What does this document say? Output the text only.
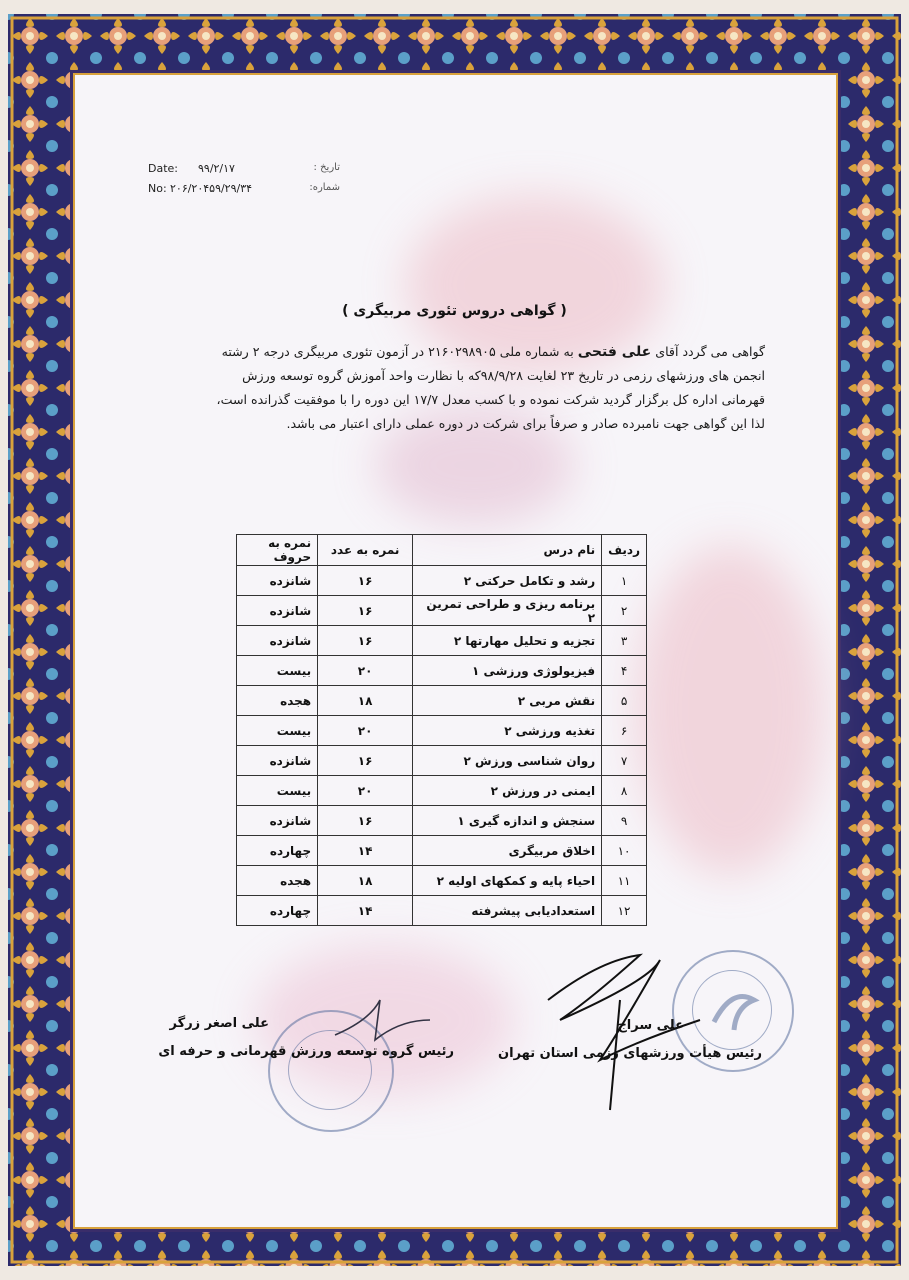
Date: ۹۹/۲/۱۷	تاریخ :
No: ۲۰۶/۲۰۴۵۹/۲۹/۳۴	شماره:
( گواهی دروس تئوری مربیگری )

گواهی می گردد آقای علی فتحی به شماره ملی ۲۱۶۰۲۹۸۹۰۵ در آزمون تئوری مربیگری درجه ۲ رشته

انجمن های ورزشهای رزمی در تاریخ ۲۳ لغایت ۹۸/۹/۲۸که با نظارت واحد آموزش گروه توسعه ورزش

قهرمانی اداره کل برگزار گردید شرکت نموده و با کسب معدل ۱۷/۷ این دوره را با موفقیت گذرانده است،

لذا این گواهی جهت نامبرده صادر و صرفاً برای شرکت در دوره عملی دارای اعتبار می باشد.

ردیف	نام درس	نمره به عدد	نمره به حروف
۱	رشد و تکامل حرکتی ۲	۱۶	شانزده
۲	برنامه ریزی و طراحی تمرین ۲	۱۶	شانزده
۳	تجزیه و تحلیل مهارتها ۲	۱۶	شانزده
۴	فیزیولوژی ورزشی ۱	۲۰	بیست
۵	نقش مربی ۲	۱۸	هجده
۶	تغذیه ورزشی ۲	۲۰	بیست
۷	روان شناسی ورزش ۲	۱۶	شانزده
۸	ایمنی در ورزش ۲	۲۰	بیست
۹	سنجش و اندازه گیری ۱	۱۶	شانزده
۱۰	اخلاق مربیگری	۱۴	چهارده
۱۱	احیاء پایه و کمکهای اولیه ۲	۱۸	هجده
۱۲	استعدادیابی پیشرفته	۱۴	چهارده
علی اصغر زرگر
رئیس گروه توسعه ورزش قهرمانی و حرفه ای
علی سراج
رئیس هیأت ورزشهای رزمی استان تهران
